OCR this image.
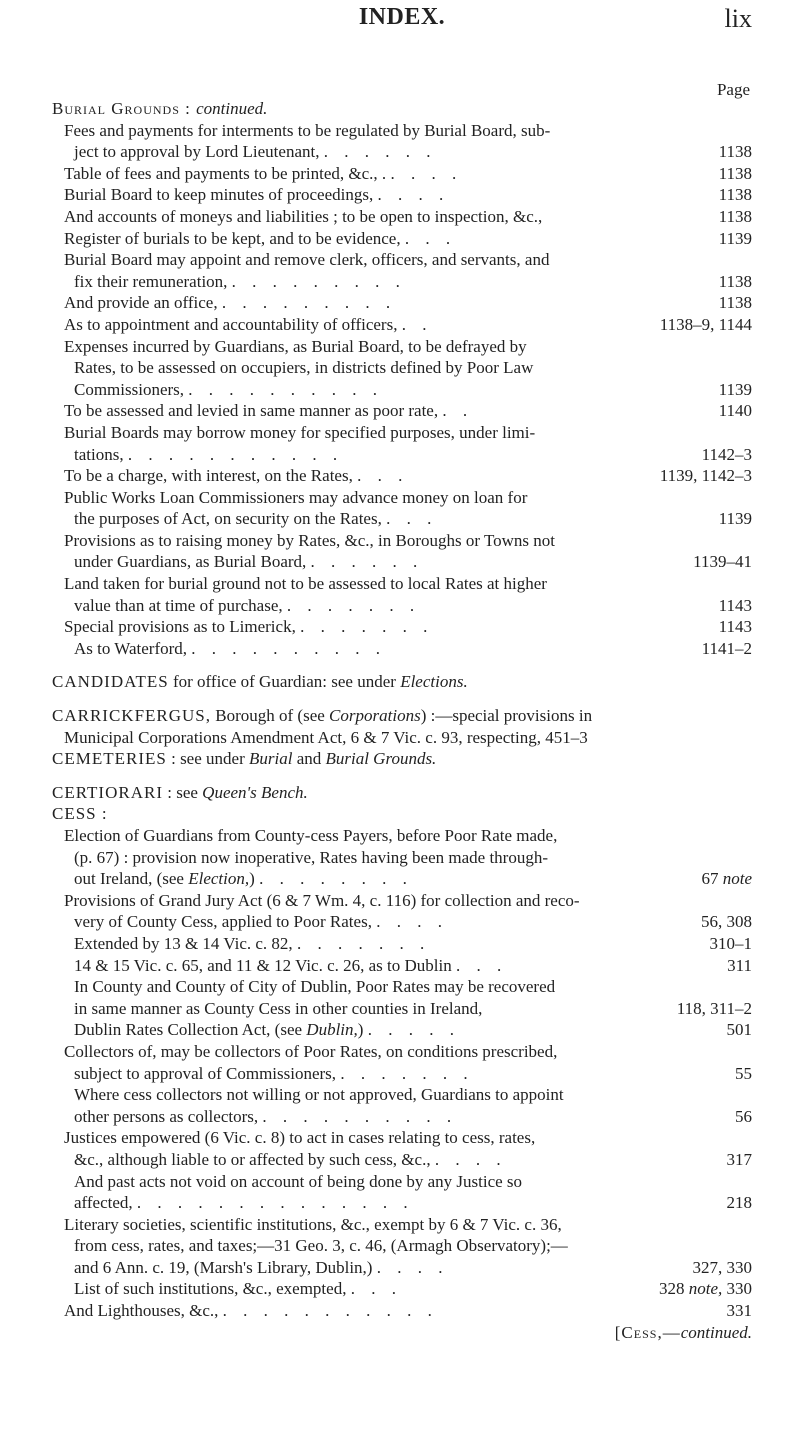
INDEX.	lix
Page
Burial Grounds : continued.
Fees and payments for interments to be regulated by Burial Board, sub-
ject to approval by Lord Lieutenant, . . . . . .	1138
Table of fees and payments to be printed, &c., . . . . .	1138
Burial Board to keep minutes of proceedings, . . . .	1138
And accounts of moneys and liabilities ; to be open to inspection, &c.,	1138
Register of burials to be kept, and to be evidence, . . .	1139
Burial Board may appoint and remove clerk, officers, and servants, and
fix their remuneration, . . . . . . . . .	1138
And provide an office, . . . . . . . . .	1138
As to appointment and accountability of officers, . .	1138–9, 1144
Expenses incurred by Guardians, as Burial Board, to be defrayed by
Rates, to be assessed on occupiers, in districts defined by Poor Law
Commissioners, . . . . . . . . . .	1139
To be assessed and levied in same manner as poor rate, . .	1140
Burial Boards may borrow money for specified purposes, under limi-
tations, . . . . . . . . . . .	1142–3
To be a charge, with interest, on the Rates, . . .	1139, 1142–3
Public Works Loan Commissioners may advance money on loan for
the purposes of Act, on security on the Rates, . . .	1139
Provisions as to raising money by Rates, &c., in Boroughs or Towns not
under Guardians, as Burial Board, . . . . . .	1139–41
Land taken for burial ground not to be assessed to local Rates at higher
value than at time of purchase, . . . . . . .	1143
Special provisions as to Limerick, . . . . . . .	1143
As to Waterford, . . . . . . . . . .	1141–2
CANDIDATES for office of Guardian: see under Elections.
CARRICKFERGUS, Borough of (see Corporations) :—special provisions in
Municipal Corporations Amendment Act, 6 & 7 Vic. c. 93, respecting, 451–3
CEMETERIES : see under Burial and Burial Grounds.
CERTIORARI : see Queen's Bench.
CESS :
Election of Guardians from County-cess Payers, before Poor Rate made,
(p. 67) : provision now inoperative, Rates having been made through-
out Ireland, (see Election,) . . . . . . . .	67 note
Provisions of Grand Jury Act (6 & 7 Wm. 4, c. 116) for collection and reco-
very of County Cess, applied to Poor Rates, . . . .	56, 308
Extended by 13 & 14 Vic. c. 82, . . . . . . .	310–1
14 & 15 Vic. c. 65, and 11 & 12 Vic. c. 26, as to Dublin . . .	311
In County and County of City of Dublin, Poor Rates may be recovered
in same manner as County Cess in other counties in Ireland,	118, 311–2
Dublin Rates Collection Act, (see Dublin,) . . . . .	501
Collectors of, may be collectors of Poor Rates, on conditions prescribed,
subject to approval of Commissioners, . . . . . . .	55
Where cess collectors not willing or not approved, Guardians to appoint
other persons as collectors, . . . . . . . . . .	56
Justices empowered (6 Vic. c. 8) to act in cases relating to cess, rates,
&c., although liable to or affected by such cess, &c., . . . .	317
And past acts not void on account of being done by any Justice so
affected, . . . . . . . . . . . . . .	218
Literary societies, scientific institutions, &c., exempt by 6 & 7 Vic. c. 36,
from cess, rates, and taxes;—31 Geo. 3, c. 46, (Armagh Observatory);—
and 6 Ann. c. 19, (Marsh's Library, Dublin,) . . . .	327, 330
List of such institutions, &c., exempted, . . .	328 note, 330
And Lighthouses, &c., . . . . . . . . . . .	331
[Cess,—continued.
